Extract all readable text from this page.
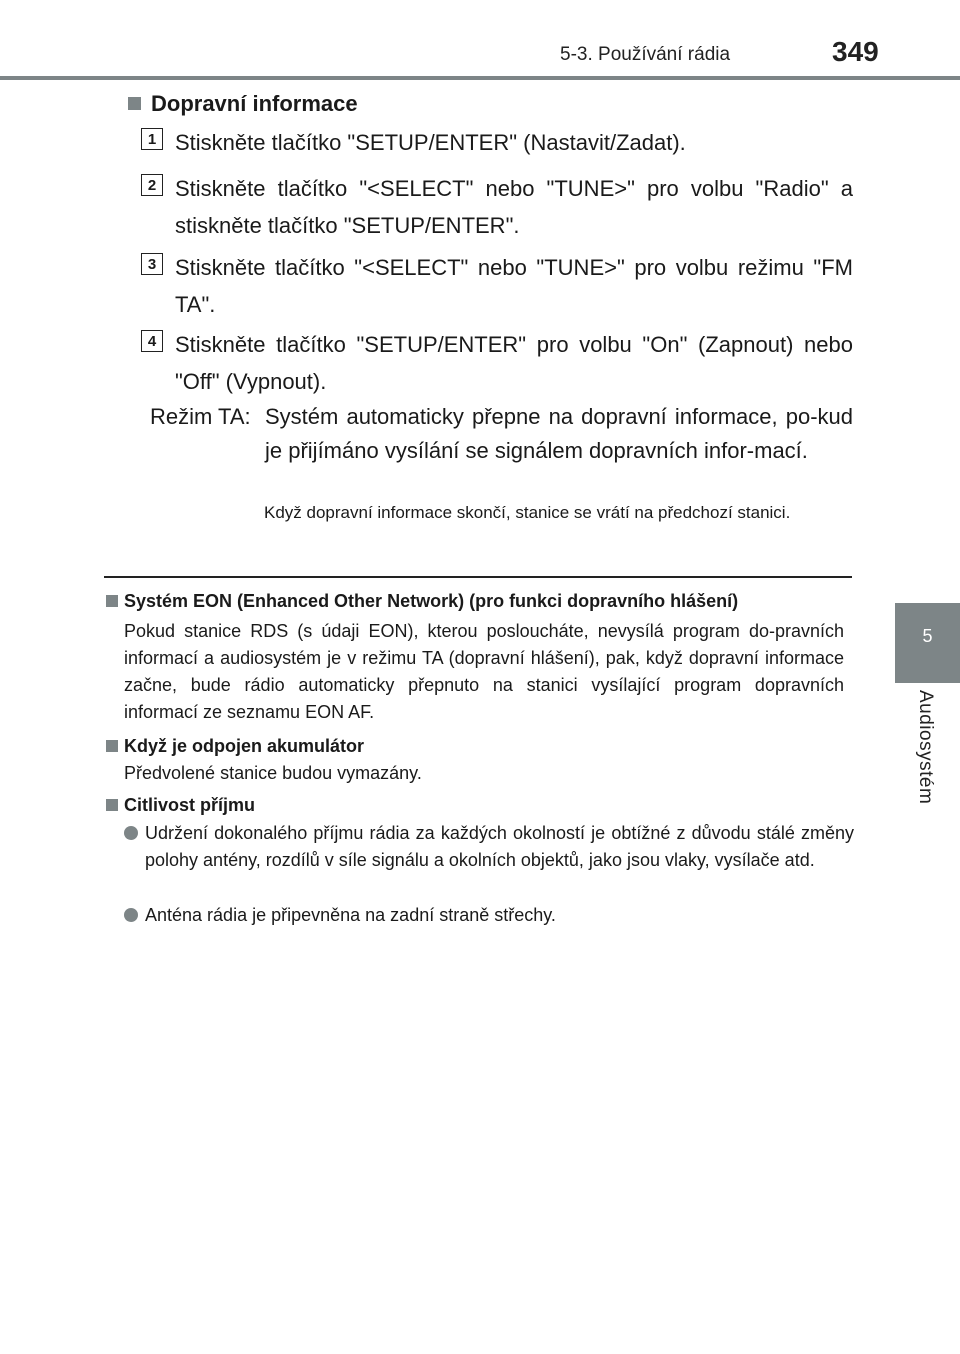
5-3. Používání rádia	349
5
Audiosystém
Dopravní informace
1 Stiskněte tlačítko "SETUP/ENTER" (Nastavit/Zadat).
2 Stiskněte tlačítko "<SELECT" nebo "TUNE>" pro volbu "Radio" a stiskněte tlačítko "SETUP/ENTER".
3 Stiskněte tlačítko "<SELECT" nebo "TUNE>" pro volbu režimu "FM TA".
4 Stiskněte tlačítko "SETUP/ENTER" pro volbu "On" (Zapnout) nebo "Off" (Vypnout).
Režim TA: Systém automaticky přepne na dopravní informace, po-kud je přijímáno vysílání se signálem dopravních infor-mací.
Když dopravní informace skončí, stanice se vrátí na předchozí stanici.
Systém EON (Enhanced Other Network) (pro funkci dopravního hlášení)
Pokud stanice RDS (s údaji EON), kterou posloucháte, nevysílá program do-pravních informací a audiosystém je v režimu TA (dopravní hlášení), pak, když dopravní informace začne, bude rádio automaticky přepnuto na stanici vysílající program dopravních informací ze seznamu EON AF.
Když je odpojen akumulátor
Předvolené stanice budou vymazány.
Citlivost příjmu
Udržení dokonalého příjmu rádia za každých okolností je obtížné z důvodu stálé změny polohy antény, rozdílů v síle signálu a okolních objektů, jako jsou vlaky, vysílače atd.
Anténa rádia je připevněna na zadní straně střechy.
